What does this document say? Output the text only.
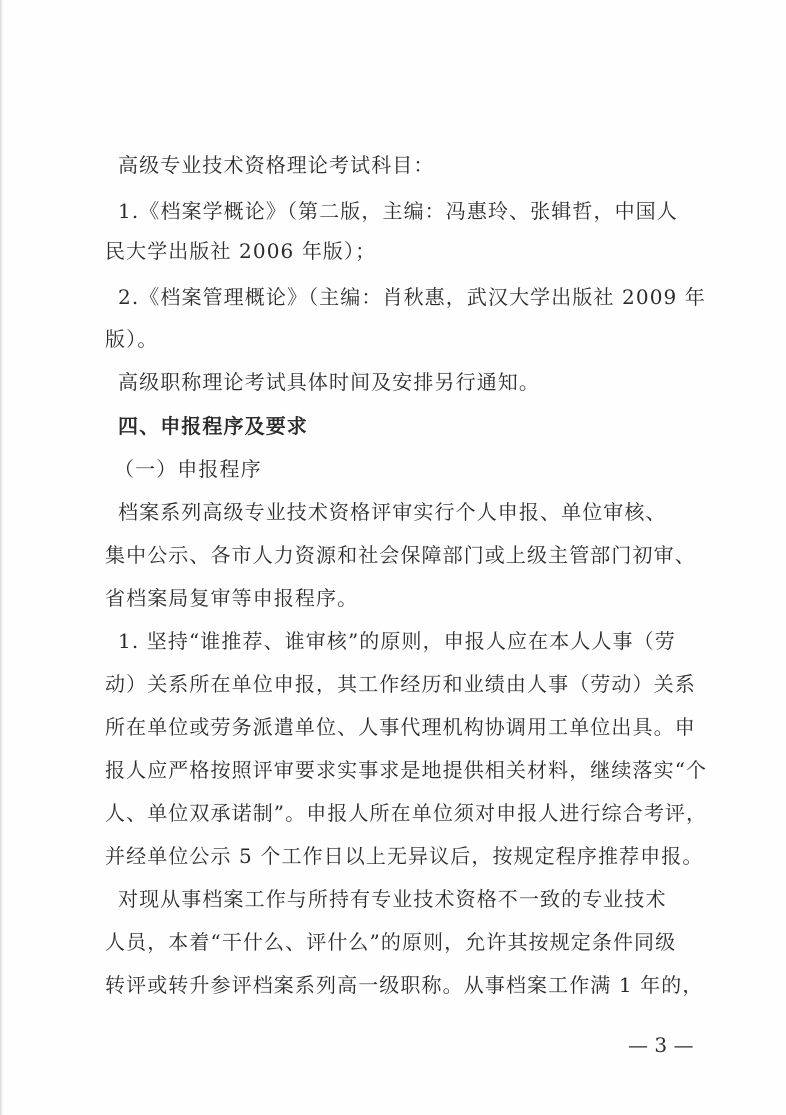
高级专业技术资格理论考试科目：
1.《档案学概论》（第二版，主编：冯惠玲、张辑哲，中国人
民大学出版社 2006 年版）；
2.《档案管理概论》（主编：肖秋惠，武汉大学出版社 2009 年
版）。
高级职称理论考试具体时间及安排另行通知。
四、申报程序及要求
（一）申报程序
档案系列高级专业技术资格评审实行个人申报、单位审核、
集中公示、各市人力资源和社会保障部门或上级主管部门初审、
省档案局复审等申报程序。
1. 坚持“谁推荐、谁审核”的原则，申报人应在本人人事（劳
动）关系所在单位申报，其工作经历和业绩由人事（劳动）关系
所在单位或劳务派遣单位、人事代理机构协调用工单位出具。申
报人应严格按照评审要求实事求是地提供相关材料，继续落实“个
人、单位双承诺制”。申报人所在单位须对申报人进行综合考评，
并经单位公示 5 个工作日以上无异议后，按规定程序推荐申报。
对现从事档案工作与所持有专业技术资格不一致的专业技术
人员，本着“干什么、评什么”的原则，允许其按规定条件同级
转评或转升参评档案系列高一级职称。从事档案工作满 1 年的，
— 3 —
